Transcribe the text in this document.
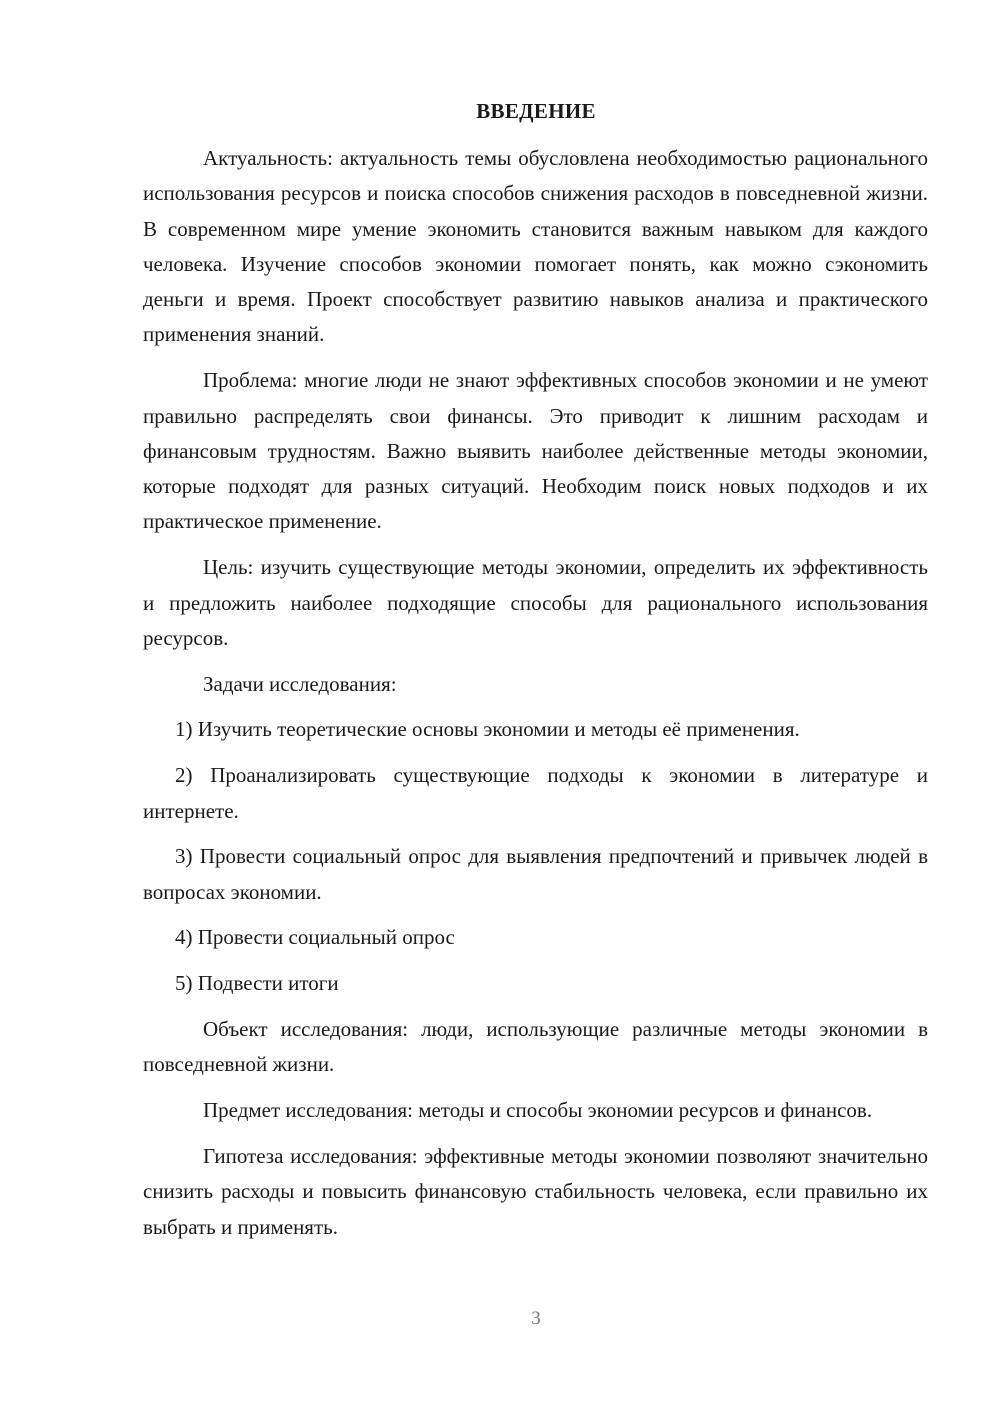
ВВЕДЕНИЕ

Актуальность: актуальность темы обусловлена необходимостью рационального использования ресурсов и поиска способов снижения расходов в повседневной жизни. В современном мире умение экономить становится важным навыком для каждого человека. Изучение способов экономии помогает понять, как можно сэкономить деньги и время. Проект способствует развитию навыков анализа и практического применения знаний.

Проблема: многие люди не знают эффективных способов экономии и не умеют правильно распределять свои финансы. Это приводит к лишним расходам и финансовым трудностям. Важно выявить наиболее действенные методы экономии, которые подходят для разных ситуаций. Необходим поиск новых подходов и их практическое применение.

Цель: изучить существующие методы экономии, определить их эффективность и предложить наиболее подходящие способы для рационального использования ресурсов.

Задачи исследования:

1) Изучить теоретические основы экономии и методы её применения.

2) Проанализировать существующие подходы к экономии в литературе и интернете.

3) Провести социальный опрос для выявления предпочтений и привычек людей в вопросах экономии.

4) Провести социальный опрос

5) Подвести итоги

Объект исследования: люди, использующие различные методы экономии в повседневной жизни.

Предмет исследования: методы и способы экономии ресурсов и финансов.

Гипотеза исследования: эффективные методы экономии позволяют значительно снизить расходы и повысить финансовую стабильность человека, если правильно их выбрать и применять.

3
